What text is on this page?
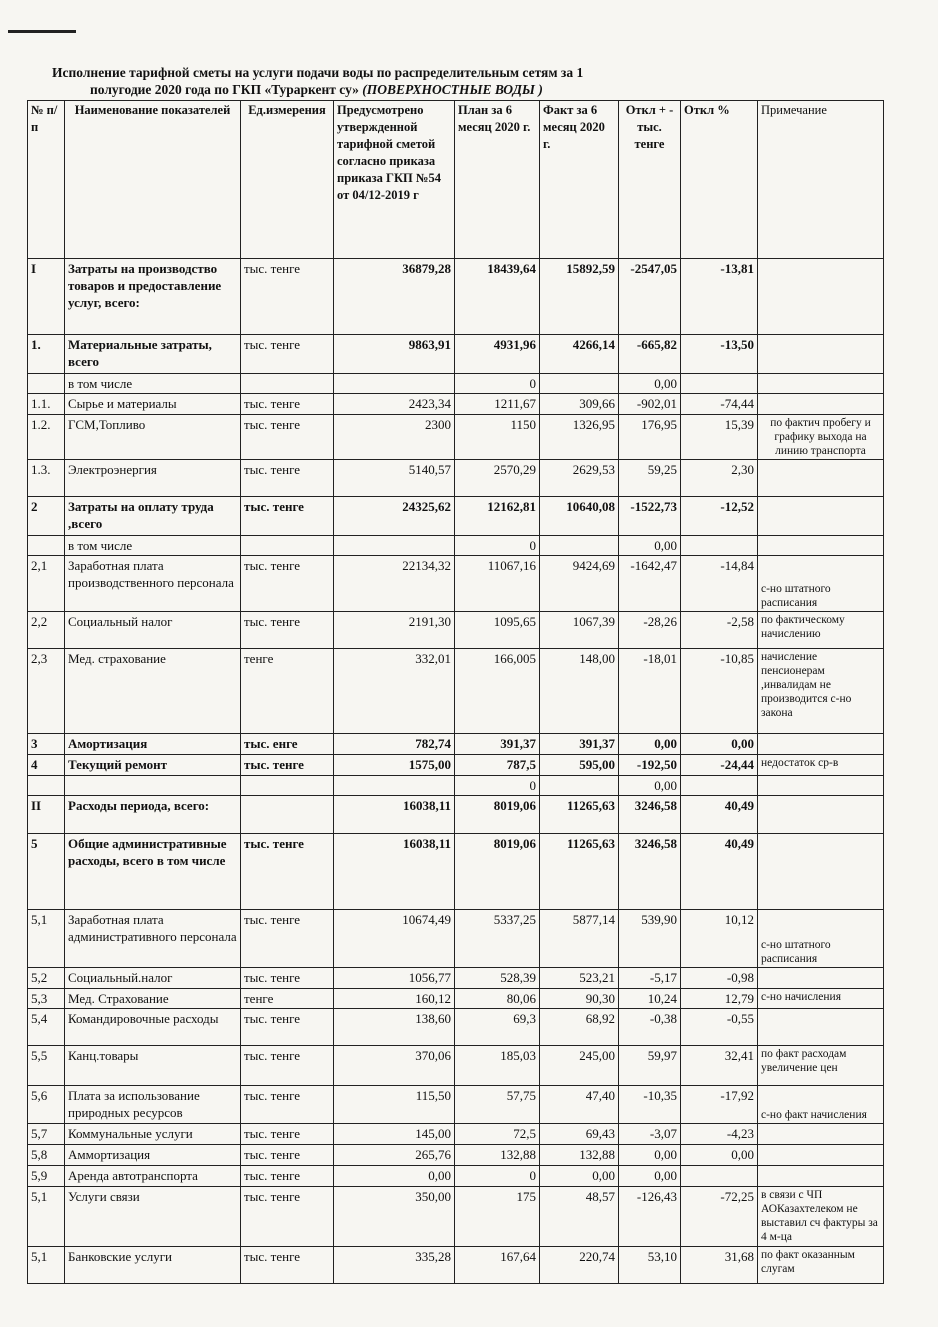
Исполнение тарифной сметы на услуги подачи воды по распределительным сетям за 1
полугодие 2020 года по ГКП «Тураркент су» (ПОВЕРХНОСТНЫЕ ВОДЫ )
№ п/п	Наименование показателей	Ед.измерения	Предусмотрено утвержденной тарифной сметой согласно приказа приказа ГКП №54 от 04/12-2019 г	План за 6 месяц 2020 г.	Факт за 6 месяц 2020 г.	Откл + - тыс. тенге	Откл %	Примечание
I	Затраты на производство товаров и предоставление услуг, всего:	тыс. тенге	36879,28	18439,64	15892,59	-2547,05	-13,81	
1.	Материальные затраты, всего	тыс. тенге	9863,91	4931,96	4266,14	-665,82	-13,50	
	в том числе			0		0,00		
1.1.	Сырье и материалы	тыс. тенге	2423,34	1211,67	309,66	-902,01	-74,44	
1.2.	ГСМ,Топливо	тыс. тенге	2300	1150	1326,95	176,95	15,39	по фактич пробегу и графику выхода на линию транспорта
1.3.	Электроэнергия	тыс. тенге	5140,57	2570,29	2629,53	59,25	2,30	
2	Затраты на оплату труда ,всего	тыс. тенге	24325,62	12162,81	10640,08	-1522,73	-12,52	
	в том числе			0		0,00		
2,1	Заработная плата производственного персонала	тыс. тенге	22134,32	11067,16	9424,69	-1642,47	-14,84	с-но штатного расписания
2,2	Социальный налог	тыс. тенге	2191,30	1095,65	1067,39	-28,26	-2,58	по фактическому начислению
2,3	Мед. страхование	тенге	332,01	166,005	148,00	-18,01	-10,85	начисление пенсионерам ,инвалидам не производится с-но закона
3	Амортизация	тыс. енге	782,74	391,37	391,37	0,00	0,00	
4	Текущий ремонт	тыс. тенге	1575,00	787,5	595,00	-192,50	-24,44	недостаток ср-в
				0		0,00		
II	Расходы периода, всего:		16038,11	8019,06	11265,63	3246,58	40,49	
5	Общие административные расходы, всего в том числе	тыс. тенге	16038,11	8019,06	11265,63	3246,58	40,49	
5,1	Заработная плата административного персонала	тыс. тенге	10674,49	5337,25	5877,14	539,90	10,12	с-но штатного расписания
5,2	Социальный.налог	тыс. тенге	1056,77	528,39	523,21	-5,17	-0,98	
5,3	Мед. Страхование	тенге	160,12	80,06	90,30	10,24	12,79	с-но начисления
5,4	Командировочные расходы	тыс. тенге	138,60	69,3	68,92	-0,38	-0,55	
5,5	Канц.товары	тыс. тенге	370,06	185,03	245,00	59,97	32,41	по факт расходам увеличение цен
5,6	Плата за использование природных ресурсов	тыс. тенге	115,50	57,75	47,40	-10,35	-17,92	с-но факт начисления
5,7	Коммунальные услуги	тыс. тенге	145,00	72,5	69,43	-3,07	-4,23	
5,8	Аммортизация	тыс. тенге	265,76	132,88	132,88	0,00	0,00	
5,9	Аренда автотранспорта	тыс. тенге	0,00	0	0,00	0,00		
5,1	Услуги связи	тыс. тенге	350,00	175	48,57	-126,43	-72,25	в связи с ЧП АОКазахтелеком не выставил сч фактуры за 4 м-ца
5,1	Банковские услуги	тыс. тенге	335,28	167,64	220,74	53,10	31,68	по факт оказанным слугам
